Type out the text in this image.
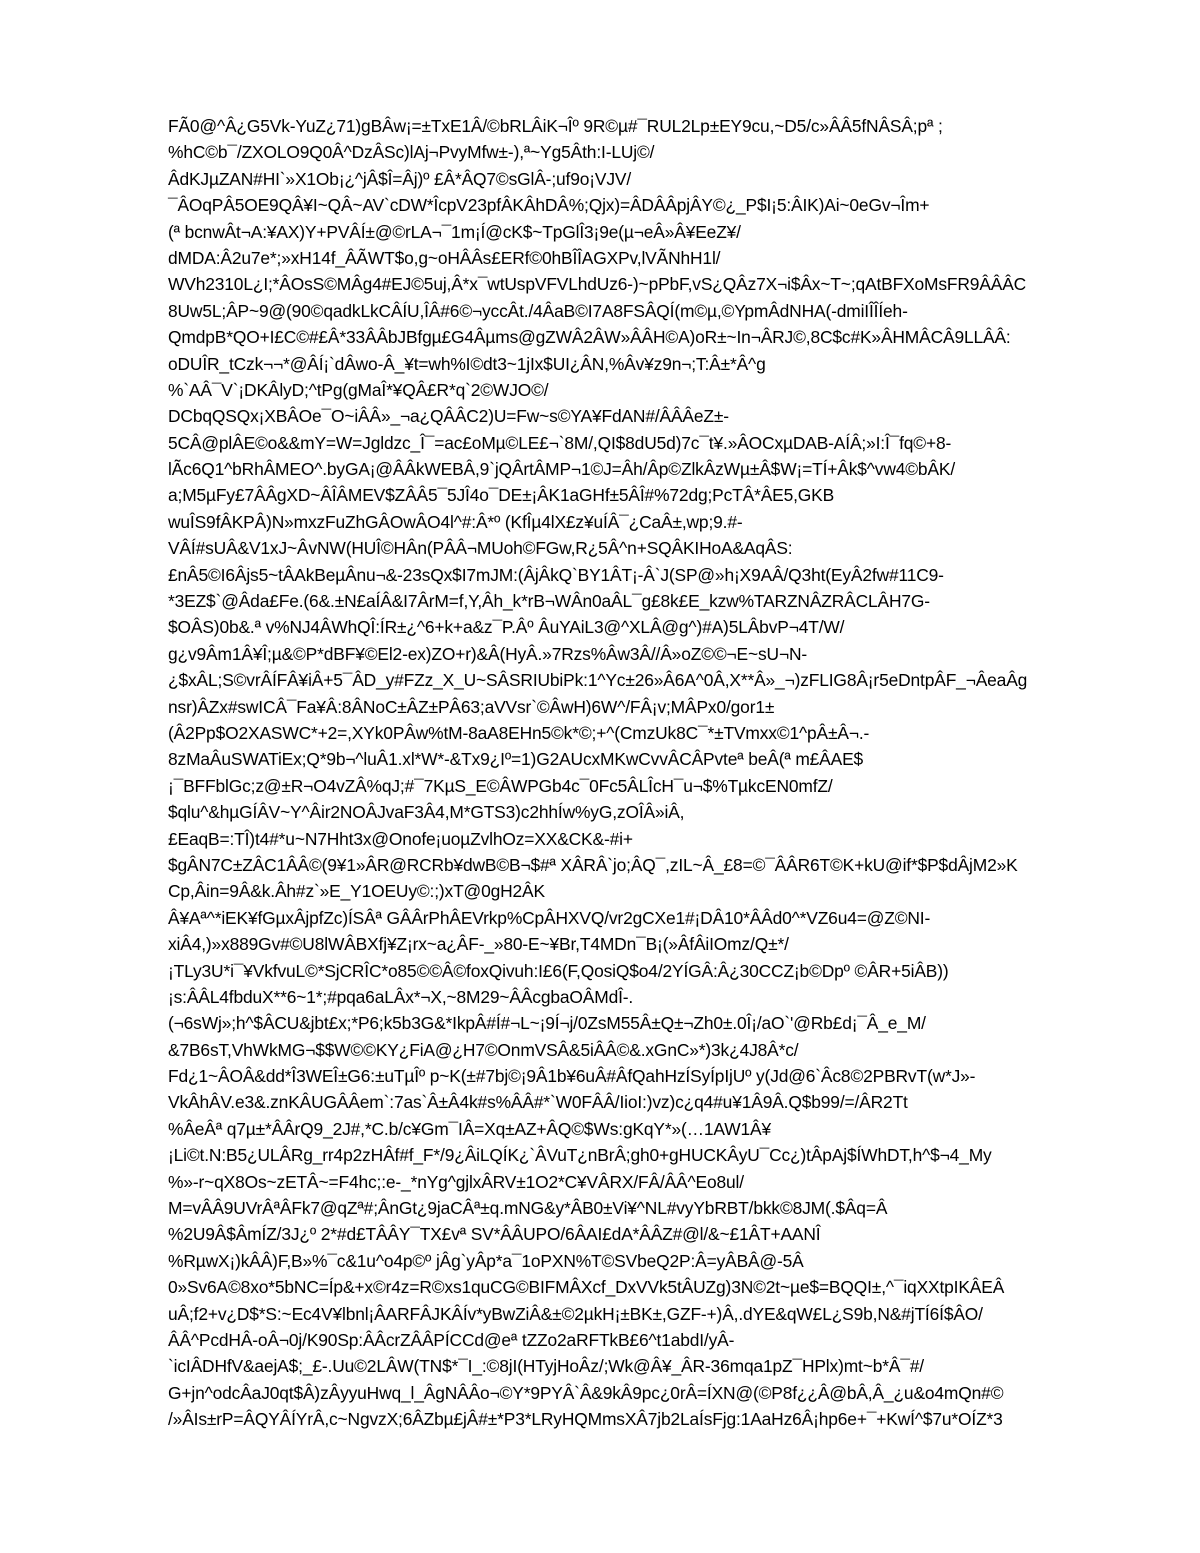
FÃ0@^Â¿G5Vk-YuZ¿71)gBÂw¡=±TxE1Â/©bRLÂiK¬Îº 9R©µ#¯RUL2Lp±EY9cu,~D5/c»ÂÂ5fNÂSÂ;pª ;
%hC©b¯/ZXOLO9Q0Â^DzÂSc)lAj¬PvyMfw±-),ª~Yg5Âth:I-LUj©/
ÂdKJµZAN#HI`»X1Ob¡¿^jÂ$Î=Âj)º £Â*ÂQ7©sGlÂ-;uf9o¡VJV/
¯ÂOqPÂ5OE9QÂ¥I~QÂ~AV`cDW*ÎcpV23pfÂKÂhDÂ%;Qjx)=ÂDÂÂpjÂY©¿_P$I¡5:ÂIK)Ai~0eGv¬Îm+
(ª bcnwÂt¬A:¥AX)Y+PVÂÍ±@©rLA¬¯1m¡Í@cK$~TpGlÎ3¡9e(µ¬eÂ»Â¥EeZ¥/
dMDA:Â2u7e*;»xH14f_ÂÃWT$o,g~oHÂÂs£ERf©0hBÎÎAGXPv,lVÃNhH1l/
WVh2310L¿I;*ÂOsS©MÂg4#EJ©5uj,Â*x¯wtUspVFVLhdUz6-)~pPbF,vS¿QÂz7X¬i$Âx~T~;qAtBFXoMsFR9ÂÂÂC
8Uw5L;ÂP~9@(90©qadkLkCÂÍU,ÎÂ#6©¬yccÂt./4ÂaB©I7A8FSÂQÍ(m©µ,©YpmÂdNHA(-dmiIÎÎÍeh-
QmdpB*QO+I£C©#£Â*33ÂÂbJBfgµ£G4Âµms@gZWÂ2ÂW»ÂÂH©A)oR±~In¬ÂRJ©,8C$c#K»ÂHMÂCÂ9LLÂÂ:
oDUÎR_tCzk¬¬*@ÂÍ¡`dÂwo-Â_¥t=wh%I©dt3~1jIx$UI¿ÂN,%Âv¥z9n¬;T:Â±*Â^g
%`AÂ¯V`¡DKÂlyD;^tPg(gMaÎ*¥QÂ£R*q`2©WJO©/
DCbqQSQx¡XBÂOe¯O~iÂÂ»_¬a¿QÂÂC2)U=Fw~s©YA¥FdAN#/ÂÂÂeZ±-
5CÂ@plÂE©o&&mY=W=Jgldzc_Î¯=ac£oMµ©LE£¬`8M/,QI$8dU5d)7c¯t¥.»ÂOCxµDAB-AÍÂ;»I:Î¯fq©+8-
lÃc6Q1^bRhÂMEO^.byGA¡@ÂÂkWEBÂ,9`jQÂrtÂMP¬1©J=Âh/Âp©ZlkÂzWµ±Â$W¡=TÍ+Âk$^vw4©bÂK/
a;M5µFy£7ÂÂgXD~ÂÎÂMEV$ZÂÂ5¯5JÎ4o¯DE±¡ÂK1aGHf±5ÂÎ#%72dg;PcTÂ*ÂE5,GKB
wuÎS9fÂKPÂ)N»mxzFuZhGÂOwÂO4l^#:Â*º (KfÎµ4lX£z¥uÍÂ¯¿CaÂ±,wp;9.#-
VÂÍ#sUÂ&V1xJ~ÂvNW(HUÎ©HÂn(PÂÂ¬MUoh©FGw,R¿5Â^n+SQÂKIHoA&AqÂS:
£nÂ5©I6Âjs5~tÂAkBeµÂnu¬&-23sQx$I7mJM:(ÂjÂkQ`BY1ÂT¡-Â`J(SP@»h¡X9AÂ/Q3ht(EyÂ2fw#11C9-
*3EZ$`@Âda£Fe.(6&.±N£aÍÂ&I7ÂrM=f,Y,Âh_k*rB¬WÂn0aÂL¯g£8k£E_kzw%TARZNÂZRÂCLÂH7G-
$OÂS)0b&.ª v%NJ4ÂWhQÎ:ÍR±¿^6+k+a&z¯P.Âº ÂuYAiL3@^XLÂ@g^)#A)5LÂbvP¬4T/W/
g¿v9Âm1Â¥Î;µ&©P*dBF¥©El2-ex)ZO+r)&Â(HyÂ.»7Rzs%Âw3Â//Â»oZ©©¬E~sU¬N-
¿$xÂL;S©vrÂÍFÂ¥iÂ+5¯ÂD_y#FZz_X_U~SÂSRIUbiPk:1^Yc±26»Â6A^0Â,X**Â»_¬)zFLIG8Â¡r5eDntpÂF_¬ÂeaÂg
nsr)ÂZx#swICÂ¯Fa¥Â:8ÂNoC±ÂZ±PÂ63;aVVsr`©ÂwH)6W^/FÂ¡v;MÂPx0/gor1±
(Â2Pp$O2XASWC*+2=,XYk0PÂw%tM-8aA8EHn5©k*©;+^(CmzUk8C¯*±TVmxx©1^pÂ±Â¬.-
8zMaÂuSWATiEx;Q*9b¬^luÂ1.xl*W*-&Tx9¿Iº=1)G2AUcxMKwCvvÂCÂPvteª beÂ(ª m£ÂAE$
¡¯BFFblGc;z@±R¬O4vZÂ%qJ;#¯7KµS_E©ÂWPGb4c¯0Fc5ÂLÎcH¯u¬$%TµkcEN0mfZ/
$qlu^&hµGÍÂV~Y^Âir2NOÂJvaF3Â4,M*GTS3)c2hhÍw%yG,zOÎÂ»iÂ,
£EaqB=:TÎ)t4#*u~N7Hht3x@Onofe¡uoµZvlhOz=XX&CK&-#i+
$gÂN7C±ZÂC1ÂÂ©(9¥1»ÂR@RCRb¥dwB©B¬$#ª XÂRÂ`jo;ÂQ¯,zIL~Â_£8=©¯ÂÂR6T©K+kU@if*$P$dÂjM2»K
Cp,Âin=9Â&k.Âh#z`»E_Y1OEUy©:;)xT@0gH2ÂK
Â¥Aª^*iEK¥fGµxÂjpfZc)ÍSÂª GÂÂrPhÂEVrkp%CpÂHXVQ/vr2gCXe1#¡DÂ10*ÂÂd0^*VZ6u4=@Z©NI-
xiÂ4,)»x889Gv#©U8lWÂBXfj¥Z¡rx~a¿ÂF-_»80-E~¥Br,T4MDn¯B¡(»ÂfÂiIOmz/Q±*/
¡TLy3U*i¯¥VkfvuL©*SjCRÎC*o85©©Â©foxQivuh:I£6(F,QosiQ$o4/2YÍGÂ:Â¿30CCZ¡b©Dpº ©ÂR+5iÂB))
¡s:ÂÂL4fbduX**6~1*;#pqa6aLÂx*¬X,~8M29~ÂÂcgbaOÂMdÎ-.
(¬6sWj»;h^$ÂCU&jbt£x;*P6;k5b3G&*IkpÂ#Í#¬L~¡9Í¬j/0ZsM55Â±Q±¬Zh0±.0Î¡/aO`'@Rb£d¡¯Â_e_M/
&7B6sT,VhWkMG¬$$W©©KY¿FiA@¿H7©OnmVSÂ&5iÂÂ©&.xGnC»*)3k¿4J8Â*c/
Fd¿1~ÂOÂ&dd*Î3WEÎ±G6:±uTµÎº p~K(±#7bj©¡9Â1b¥6uÂ#ÂfQahHzÍSyÍpIjUº y(Jd@6`Âc8©2PBRvT(w*J»-
VkÂhÂV.e3&.znKÂUGÂÂem`:7as`Â±Â4k#s%ÂÂ#*`W0FÂÂ/IioI:)vz)c¿q4#u¥1Â9Â.Q$b99/=/ÂR2Tt
%ÂeÂª q7µ±*ÂÂrQ9_2J#,*C.b/c¥Gm¯IÂ=Xq±AZ+ÂQ©$Ws:gKqY*»(…1AW1Â¥
¡Li©t.N:B5¿ULÂRg_rr4p2zHÂf#f_F*/9¿ÂiLQÍK¿`ÂVuT¿nBrÂ;gh0+gHUCKÂyU¯Cc¿)tÂpAj$ÍWhDT,h^$¬4_My
%»-r~qX8Os~zETÂ~=F4hc;:e-_*nYg^gjlxÂRV±1O2*C¥VÂRX/FÂ/ÂÂ^Eo8ul/
M=vÂÂ9UVrÂªÂFk7@qZª#;ÂnGt¿9jaCÂª±q.mNG&y*ÂB0±Vi¥^NL#vyYbRBT/bkk©8JM(.$Âq=Â
%2U9Â$ÂmÍZ/3J¿º 2*#d£TÂÂY¯TX£vª SV*ÂÂUPO/6ÂAI£dA*ÂÂZ#@l/&~£1ÂT+AANÎ
%RµwX¡)kÂÂ)F,B»%¯c&1u^o4p©º jÂg`yÂp*a¯1oPXN%T©SVbeQ2P:Â=yÂBÂ@-5Â
0»Sv6A©8xo*5bNC=Íp&+x©r4z=R©xs1quCG©BIFMÂXcf_DxVVk5tÂUZg)3N©2t~µe$=BQQI±,^¯iqXXtpIKÂEÂ
uÂ;f2+v¿D$*S:~Ec4V¥lbnl¡ÂARFÂJKÂÍv*yBwZiÂ&±©2µkH¡±BK±,GZF-+)Â,.dYE&qW£L¿S9b,N&#jTÍ6Í$ÂO/
ÂÂ^PcdHÂ-oÂ¬0j/K90Sp:ÂÂcrZÂÂPÍCCd@eª tZZo2aRFTkB£6^t1abdI/yÂ-
`icIÂDHfV&aejA$;_£-.Uu©2LÂW(TN$*¯I_:©8jI(HTyjHoÂz/;Wk@Â¥_ÂR-36mqa1pZ¯HPlx)mt~b*Â¯#/
G+jn^odcÂaJ0qt$Â)zÂyyuHwq_l_ÂgNÂÂo¬©Y*9PYÂ`Â&9kÂ9pc¿0rÂ=ÍXN@(©P8f¿¿Â@bÂ,Â_¿u&o4mQn#©
/»ÂIs±rP=ÂQYÂÍYrÂ,c~NgvzX;6ÂZbµ£jÂ#±*P3*LRyHQMmsXÂ7jb2LaÍsFjg:1AaHz6Â¡hp6e+¯+KwÍ^$7u*OÍZ*3
